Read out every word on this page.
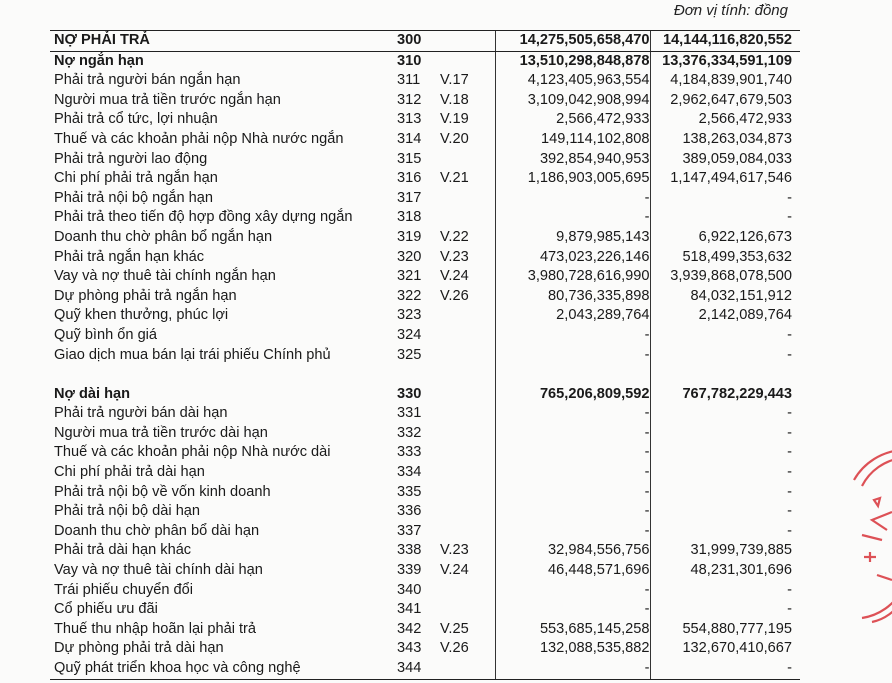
Đơn vị tính: đồng
NỢ PHẢI TRẢ	300		14,275,505,658,470	14,144,116,820,552
Nợ ngắn hạn	310		13,510,298,848,878	13,376,334,591,109
Phải trả người bán ngắn hạn	311	V.17	4,123,405,963,554	4,184,839,901,740
Người mua trả tiền trước ngắn hạn	312	V.18	3,109,042,908,994	2,962,647,679,503
Phải trả cổ tức, lợi nhuận	313	V.19	2,566,472,933	2,566,472,933
Thuế và các khoản phải nộp Nhà nước ngắn	314	V.20	149,114,102,808	138,263,034,873
Phải trả người lao động	315		392,854,940,953	389,059,084,033
Chi phí phải trả ngắn hạn	316	V.21	1,186,903,005,695	1,147,494,617,546
Phải trả nội bộ ngắn hạn	317		-	-
Phải trả theo tiến độ hợp đồng xây dựng ngắn	318		-	-
Doanh thu chờ phân bổ ngắn hạn	319	V.22	9,879,985,143	6,922,126,673
Phải trả ngắn hạn khác	320	V.23	473,023,226,146	518,499,353,632
Vay và nợ thuê tài chính ngắn hạn	321	V.24	3,980,728,616,990	3,939,868,078,500
Dự phòng phải trả ngắn hạn	322	V.26	80,736,335,898	84,032,151,912
Quỹ khen thưởng, phúc lợi	323		2,043,289,764	2,142,089,764
Quỹ bình ổn giá	324		-	-
Giao dịch mua bán lại trái phiếu Chính phủ	325		-	-

Nợ dài hạn	330		765,206,809,592	767,782,229,443
Phải trả người bán dài hạn	331		-	-
Người mua trả tiền trước dài hạn	332		-	-
Thuế và các khoản phải nộp Nhà nước dài	333		-	-
Chi phí phải trả dài hạn	334		-	-
Phải trả nội bộ về vốn kinh doanh	335		-	-
Phải trả nội bộ dài hạn	336		-	-
Doanh thu chờ phân bổ dài hạn	337		-	-
Phải trả dài hạn khác	338	V.23	32,984,556,756	31,999,739,885
Vay và nợ thuê tài chính dài hạn	339	V.24	46,448,571,696	48,231,301,696
Trái phiếu chuyển đổi	340		-	-
Cổ phiếu ưu đãi	341		-	-
Thuế thu nhập hoãn lại phải trả	342	V.25	553,685,145,258	554,880,777,195
Dự phòng phải trả dài hạn	343	V.26	132,088,535,882	132,670,410,667
Quỹ phát triển khoa học và công nghệ	344		-	-
